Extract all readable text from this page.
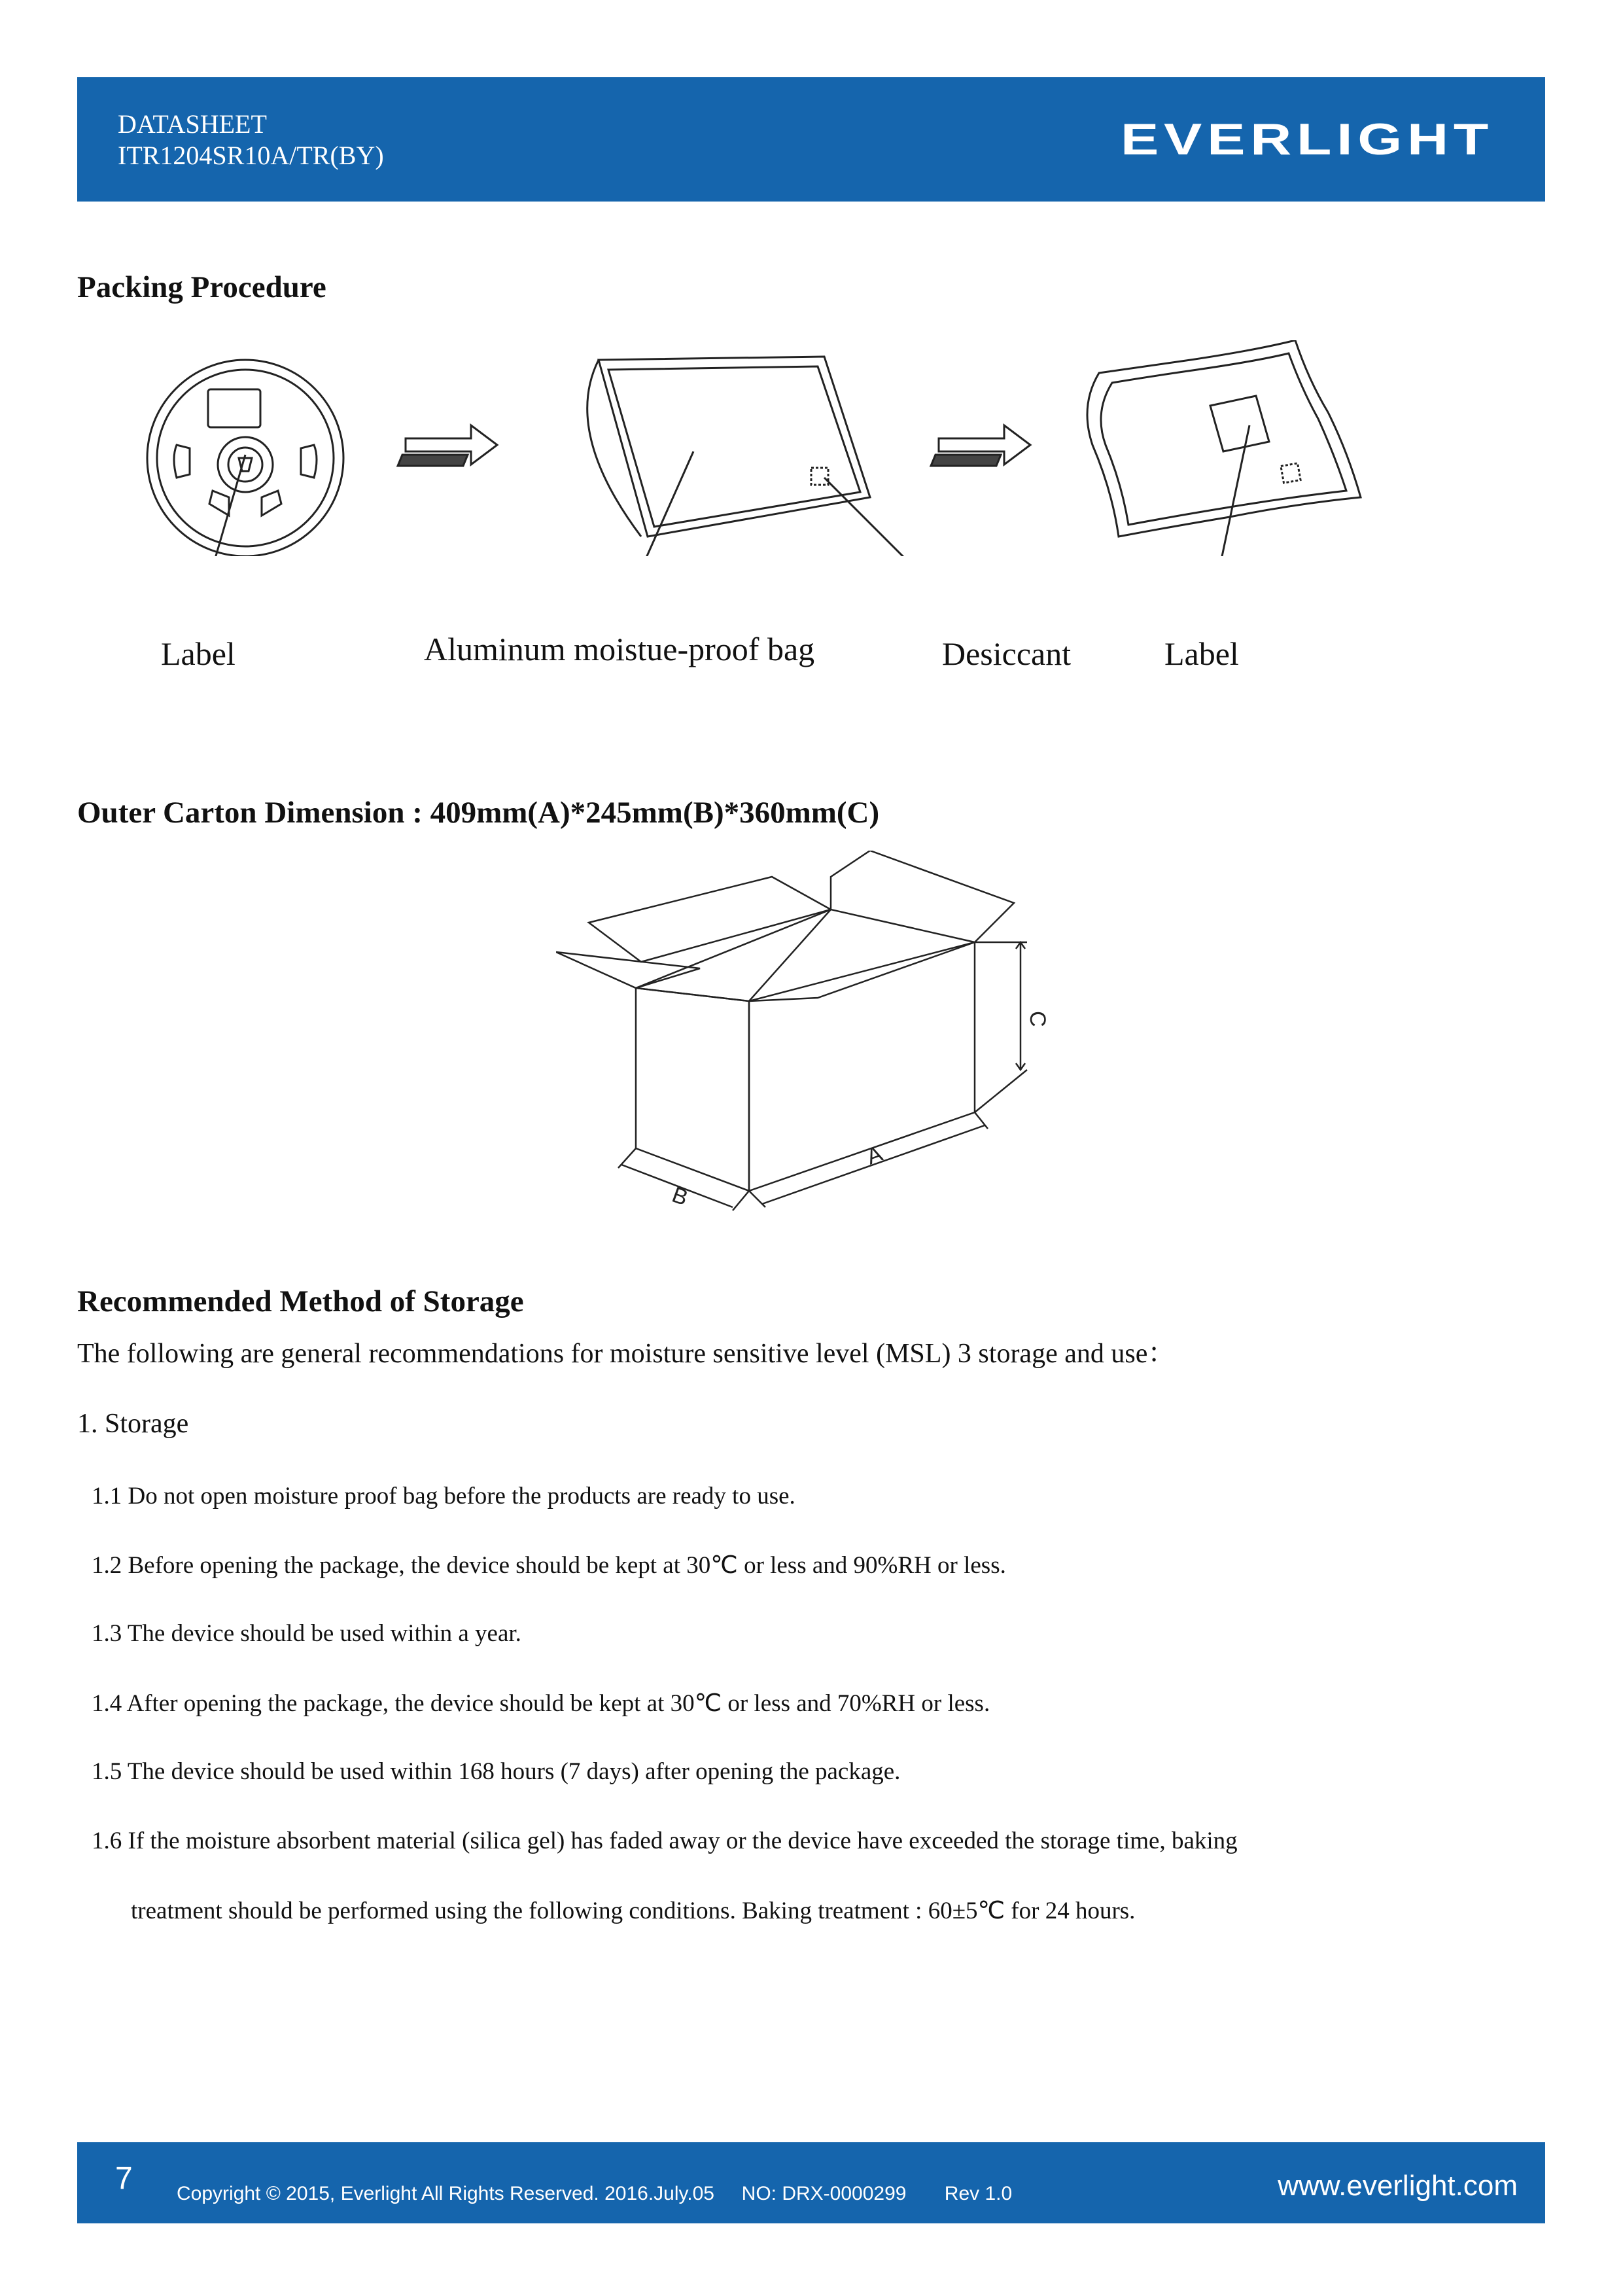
DATASHEET
ITR1204SR10A/TR(BY)	EVERLIGHT
Packing Procedure
Label	Aluminum moistue-proof bag	Desiccant	Label
Outer Carton Dimension : 409mm(A)*245mm(B)*360mm(C)
C
A
B
Recommended Method of Storage
The following are general recommendations for moisture sensitive level (MSL) 3 storage and use：
1. Storage
1.1 Do not open moisture proof bag before the products are ready to use.
1.2 Before opening the package, the device should be kept at 30℃ or less and 90%RH or less.
1.3 The device should be used within a year.
1.4 After opening the package, the device should be kept at 30℃ or less and 70%RH or less.
1.5 The device should be used within 168 hours (7 days) after opening the package.
1.6 If the moisture absorbent material (silica gel) has faded away or the device have exceeded the storage time, baking
treatment should be performed using the following conditions. Baking treatment : 60±5℃ for 24 hours.
7 Copyright © 2015, Everlight All Rights Reserved. 2016.July.05     NO: DRX-0000299       Rev 1.0	www.everlight.com
